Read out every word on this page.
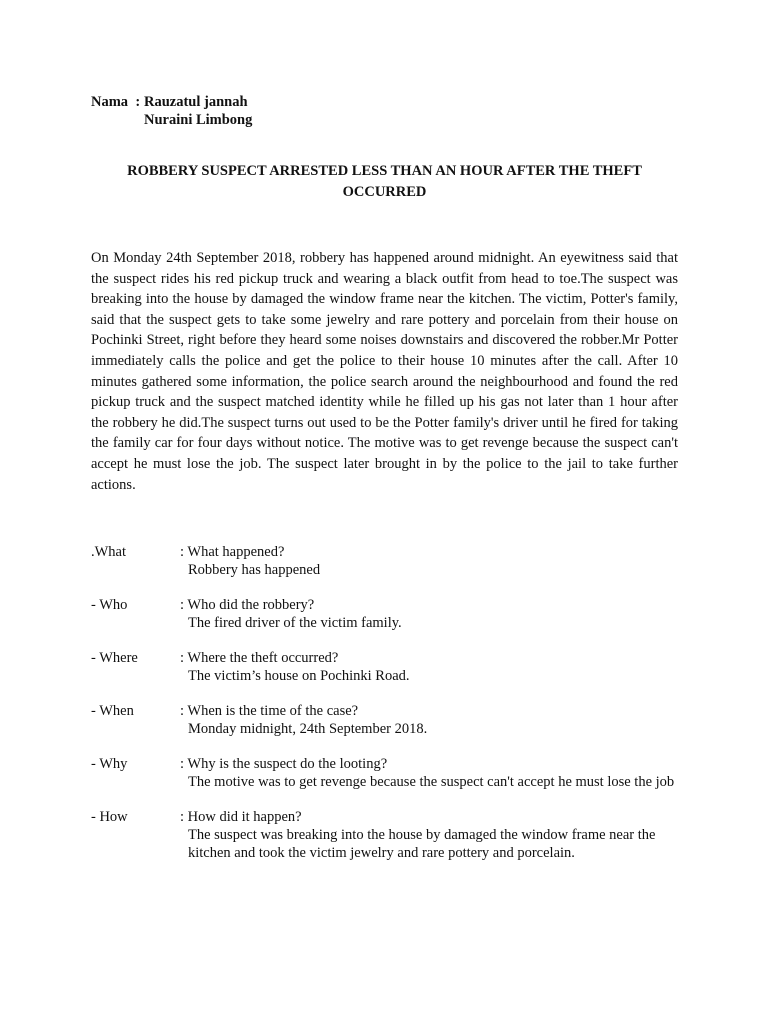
Nama : Rauzatul jannah
Nuraini Limbong
ROBBERY SUSPECT ARRESTED LESS THAN AN HOUR AFTER THE THEFT OCCURRED
On Monday 24th September 2018, robbery has happened around midnight. An eyewitness said that the suspect rides his red pickup truck and wearing a black outfit from head to toe.The suspect was breaking into the house by damaged the window frame near the kitchen. The victim, Potter's family, said that the suspect gets to take some jewelry and rare pottery and porcelain from their house on Pochinki Street, right before they heard some noises downstairs and discovered the robber.Mr Potter immediately calls the police and get the police to their house 10 minutes after the call. After 10 minutes gathered some information, the police search around the neighbourhood and found the red pickup truck and the suspect matched identity while he filled up his gas not later than 1 hour after the robbery he did.The suspect turns out used to be the Potter family's driver until he fired for taking the family car for four days without notice. The motive was to get revenge because the suspect can't accept he must lose the job. The suspect later brought in by the police to the jail to take further actions.
.What	: What happened?
Robbery has happened
- Who	: Who did the robbery?
The fired driver of the victim family.
- Where	: Where the theft occurred?
The victim’s house on Pochinki Road.
- When	: When is the time of the case?
Monday midnight, 24th September 2018.
- Why	: Why is the suspect do the looting?
The motive was to get revenge because the suspect can't accept he must lose the job
- How	: How did it happen?
The suspect was breaking into the house by damaged the window frame near the kitchen and took the victim jewelry and rare pottery and porcelain.
